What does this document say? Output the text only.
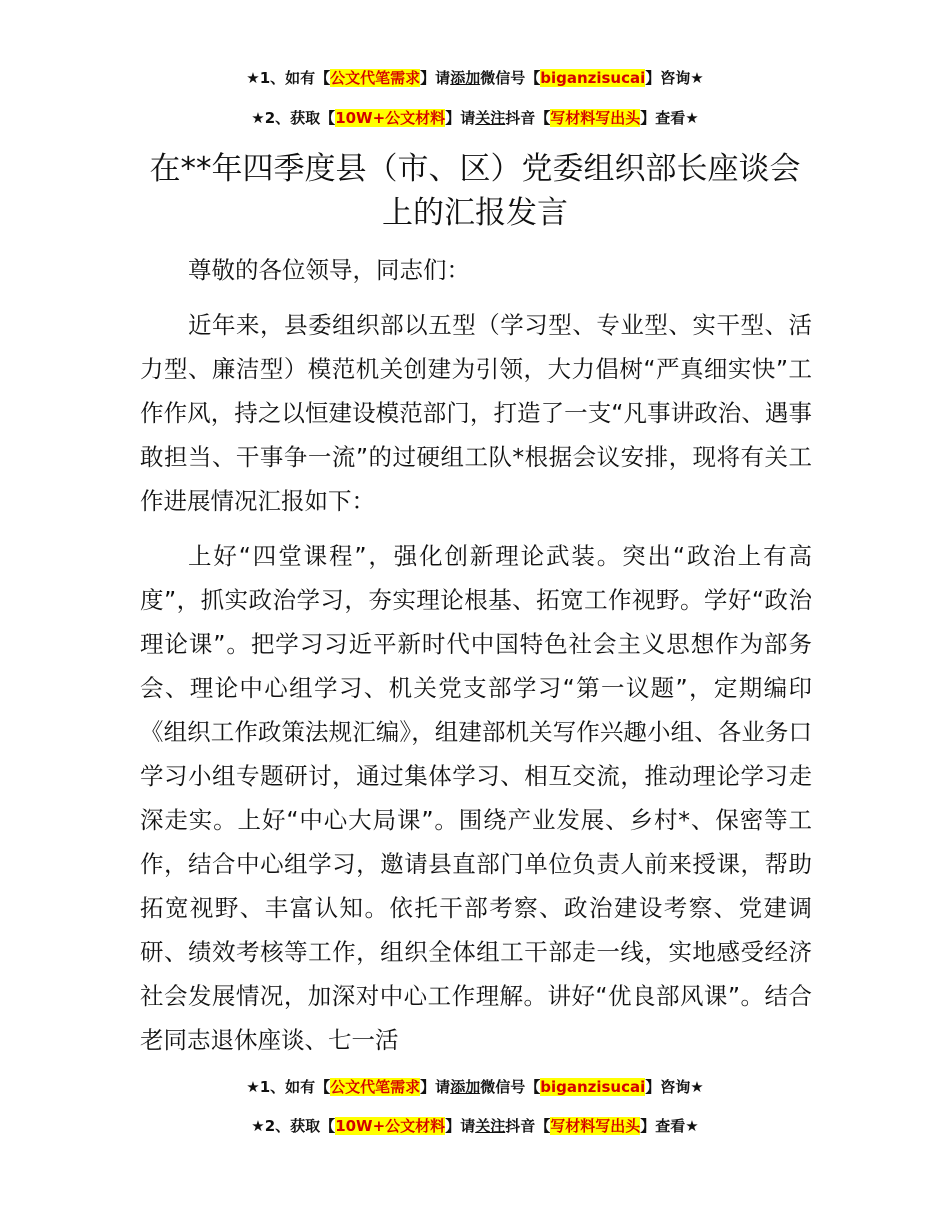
★1、如有【公文代笔需求】请添加微信号【biganzisucai】咨询★
★2、获取【10W+公文材料】请关注抖音【写材料写出头】查看★
在**年四季度县（市、区）党委组织部长座谈会上的汇报发言

尊敬的各位领导，同志们：

近年来，县委组织部以五型（学习型、专业型、实干型、活力型、廉洁型）模范机关创建为引领，大力倡树“严真细实快”工作作风，持之以恒建设模范部门，打造了一支“凡事讲政治、遇事敢担当、干事争一流”的过硬组工队*根据会议安排，现将有关工作进展情况汇报如下：

上好“四堂课程”，强化创新理论武装。突出“政治上有高度”，抓实政治学习，夯实理论根基、拓宽工作视野。学好“政治理论课”。把学习习近平新时代中国特色社会主义思想作为部务会、理论中心组学习、机关党支部学习“第一议题”，定期编印《组织工作政策法规汇编》，组建部机关写作兴趣小组、各业务口学习小组专题研讨，通过集体学习、相互交流，推动理论学习走深走实。上好“中心大局课”。围绕产业发展、乡村*、保密等工作，结合中心组学习，邀请县直部门单位负责人前来授课，帮助拓宽视野、丰富认知。依托干部考察、政治建设考察、党建调研、绩效考核等工作，组织全体组工干部走一线，实地感受经济社会发展情况，加深对中心工作理解。讲好“优良部风课”。结合老同志退休座谈、七一活

★1、如有【公文代笔需求】请添加微信号【biganzisucai】咨询★
★2、获取【10W+公文材料】请关注抖音【写材料写出头】查看★
